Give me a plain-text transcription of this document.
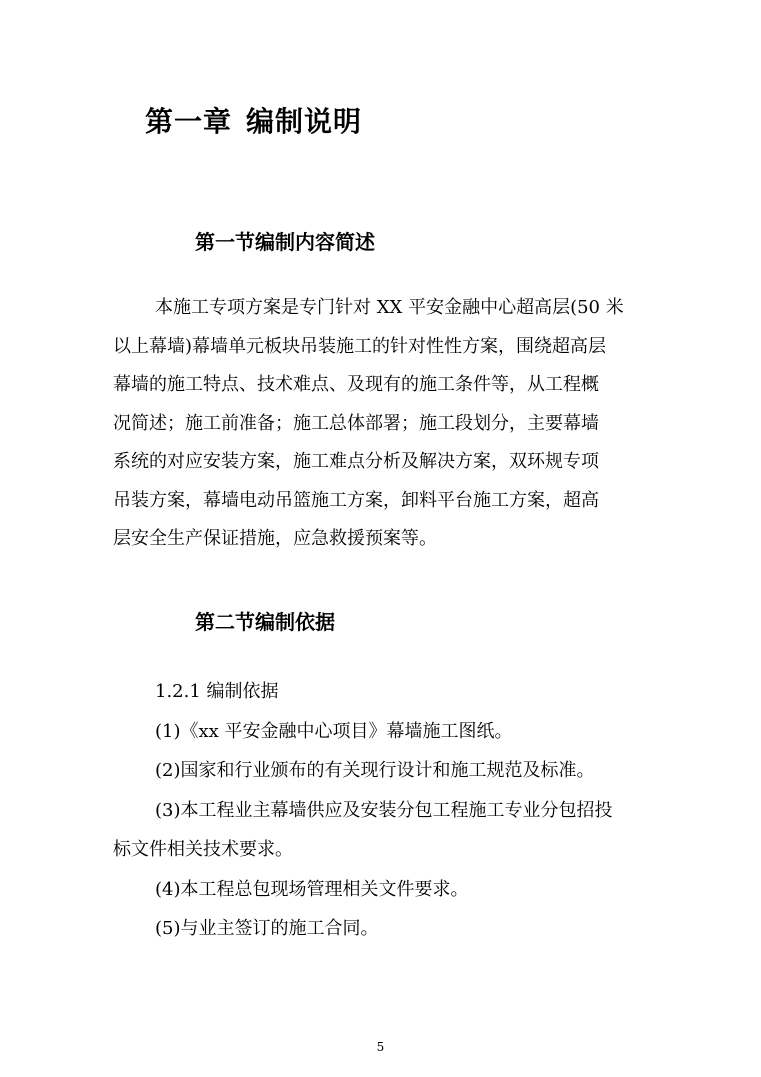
第一章 编制说明
第一节编制内容简述
本施工专项方案是专门针对 XX 平安金融中心超高层(50 米
以上幕墙)幕墙单元板块吊装施工的针对性性方案，围绕超高层
幕墙的施工特点、技术难点、及现有的施工条件等，从工程概
况简述；施工前准备；施工总体部署；施工段划分，主要幕墙
系统的对应安装方案，施工难点分析及解决方案，双环规专项
吊装方案，幕墙电动吊篮施工方案，卸料平台施工方案，超高
层安全生产保证措施，应急救援预案等。
第二节编制依据
1.2.1 编制依据
(1)《xx 平安金融中心项目》幕墙施工图纸。
(2)国家和行业颁布的有关现行设计和施工规范及标准。
(3)本工程业主幕墙供应及安装分包工程施工专业分包招投
标文件相关技术要求。
(4)本工程总包现场管理相关文件要求。
(5)与业主签订的施工合同。
5
